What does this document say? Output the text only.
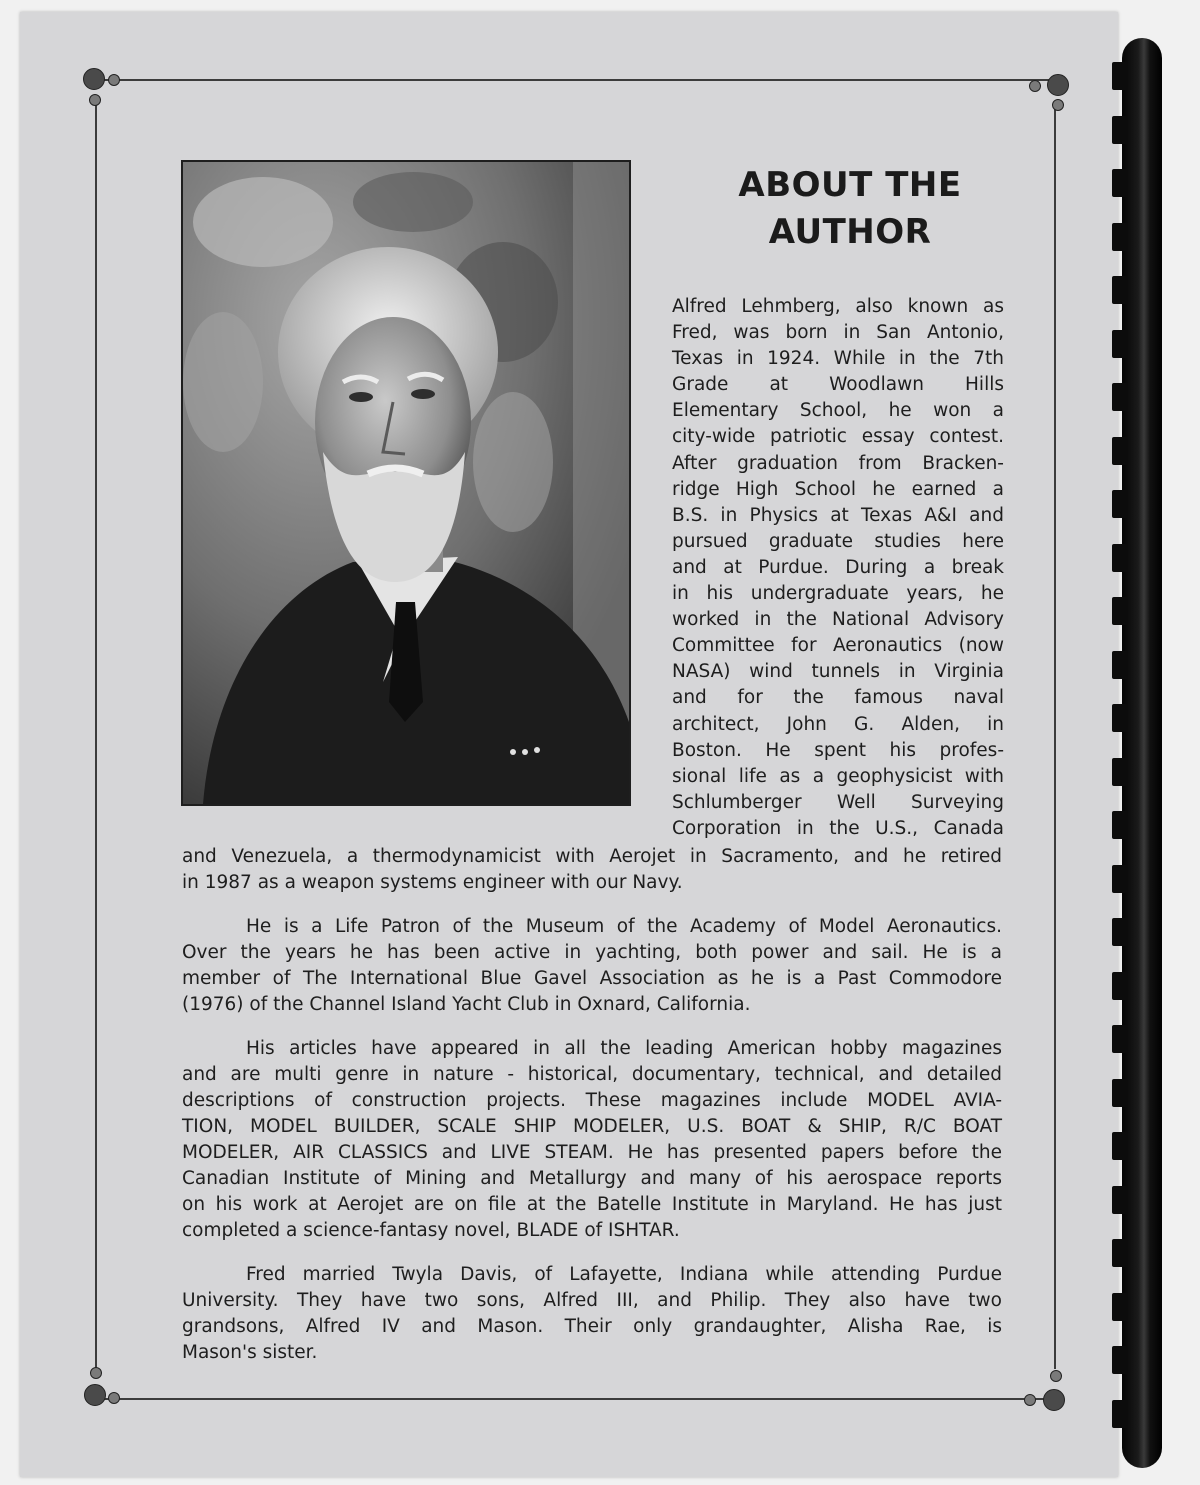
ABOUT THE
AUTHOR
Alfred Lehmberg, also known as
Fred, was born in San Antonio,
Texas in 1924. While in the 7th
Grade at Woodlawn Hills
Elementary School, he won a
city-wide patriotic essay contest.
After graduation from Bracken-
ridge High School he earned a
B.S. in Physics at Texas A&I and
pursued graduate studies here
and at Purdue. During a break
in his undergraduate years, he
worked in the National Advisory
Committee for Aeronautics (now
NASA) wind tunnels in Virginia
and for the famous naval
architect, John G. Alden, in
Boston. He spent his profes-
sional life as a geophysicist with
Schlumberger Well Surveying
Corporation in the U.S., Canada
and Venezuela, a thermodynamicist with Aerojet in Sacramento, and he retired
in 1987 as a weapon systems engineer with our Navy.
He is a Life Patron of the Museum of the Academy of Model Aeronautics.
Over the years he has been active in yachting, both power and sail. He is a
member of The International Blue Gavel Association as he is a Past Commodore
(1976) of the Channel Island Yacht Club in Oxnard, California.
His articles have appeared in all the leading American hobby magazines
and are multi genre in nature - historical, documentary, technical, and detailed
descriptions of construction projects. These magazines include MODEL AVIA-
TION, MODEL BUILDER, SCALE SHIP MODELER, U.S. BOAT & SHIP, R/C BOAT
MODELER, AIR CLASSICS and LIVE STEAM. He has presented papers before the
Canadian Institute of Mining and Metallurgy and many of his aerospace reports
on his work at Aerojet are on file at the Batelle Institute in Maryland. He has just
completed a science-fantasy novel, BLADE of ISHTAR.
Fred married Twyla Davis, of Lafayette, Indiana while attending Purdue
University. They have two sons, Alfred III, and Philip. They also have two
grandsons, Alfred IV and Mason. Their only grandaughter, Alisha Rae, is
Mason's sister.
